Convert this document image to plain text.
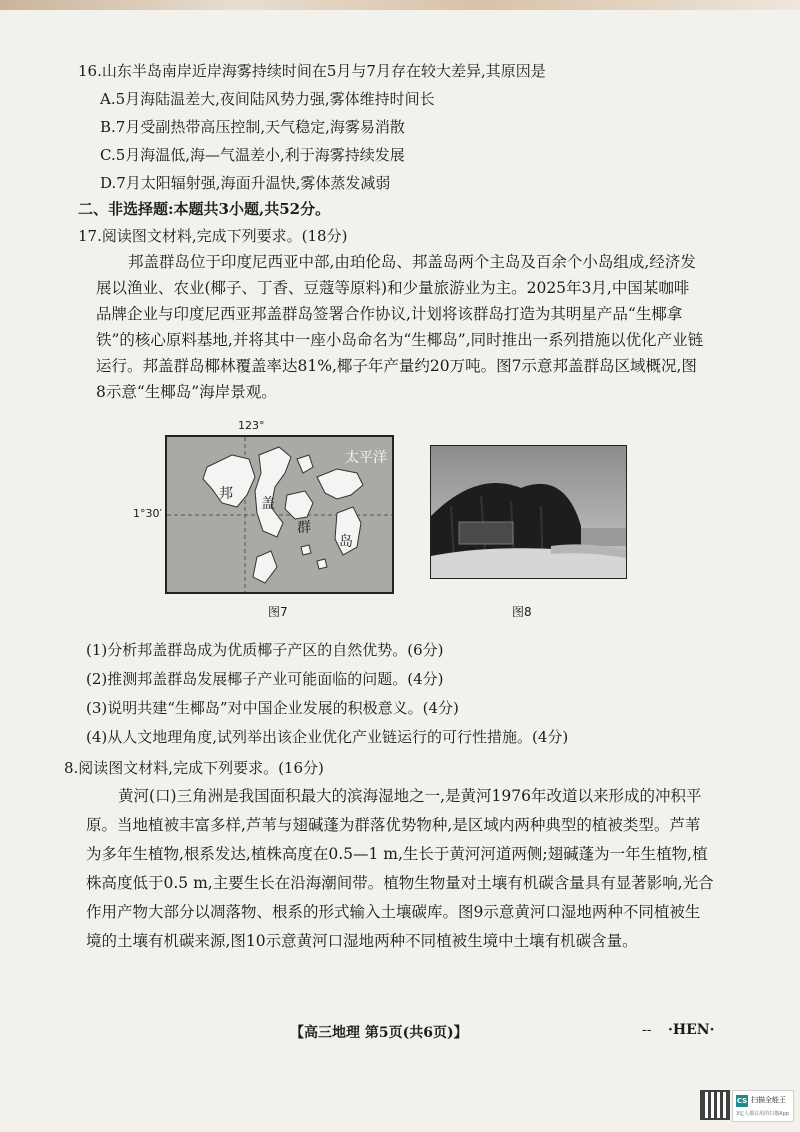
16.山东半岛南岸近岸海雾持续时间在5月与7月存在较大差异,其原因是
A.5月海陆温差大,夜间陆风势力强,雾体维持时间长
B.7月受副热带高压控制,天气稳定,海雾易消散
C.5月海温低,海—气温差小,利于海雾持续发展
D.7月太阳辐射强,海面升温快,雾体蒸发减弱
二、非选择题:本题共3小题,共52分。
17.阅读图文材料,完成下列要求。(18分)
邦盖群岛位于印度尼西亚中部,由珀伦岛、邦盖岛两个主岛及百余个小岛组成,经济发展以渔业、农业(椰子、丁香、豆蔻等原料)和少量旅游业为主。2025年3月,中国某咖啡品牌企业与印度尼西亚邦盖群岛签署合作协议,计划将该群岛打造为其明星产品“生椰拿铁”的核心原料基地,并将其中一座小岛命名为“生椰岛”,同时推出一系列措施以优化产业链运行。邦盖群岛椰林覆盖率达81%,椰子年产量约20万吨。图7示意邦盖群岛区域概况,图8示意“生椰岛”海岸景观。
123°
1°30′
太平洋
邦
盖
群
岛
图7	图8
(1)分析邦盖群岛成为优质椰子产区的自然优势。(6分)
(2)推测邦盖群岛发展椰子产业可能面临的问题。(4分)
(3)说明共建“生椰岛”对中国企业发展的积极意义。(4分)
(4)从人文地理角度,试列举出该企业优化产业链运行的可行性措施。(4分)
8.阅读图文材料,完成下列要求。(16分)
黄河(口)三角洲是我国面积最大的滨海湿地之一,是黄河1976年改道以来形成的冲积平原。当地植被丰富多样,芦苇与翅碱蓬为群落优势物种,是区域内两种典型的植被类型。芦苇为多年生植物,根系发达,植株高度在0.5—1 m,生长于黄河河道两侧;翅碱蓬为一年生植物,植株高度低于0.5 m,主要生长在沿海潮间带。植物生物量对土壤有机碳含量具有显著影响,光合作用产物大部分以凋落物、根系的形式输入土壤碳库。图9示意黄河口湿地两种不同植被生境的土壤有机碳来源,图10示意黄河口湿地两种不同植被生境中土壤有机碳含量。
【高三地理 第5页(共6页)】	-- ·HEN·
CS 扫描全能王
3亿人都在用的扫描App
